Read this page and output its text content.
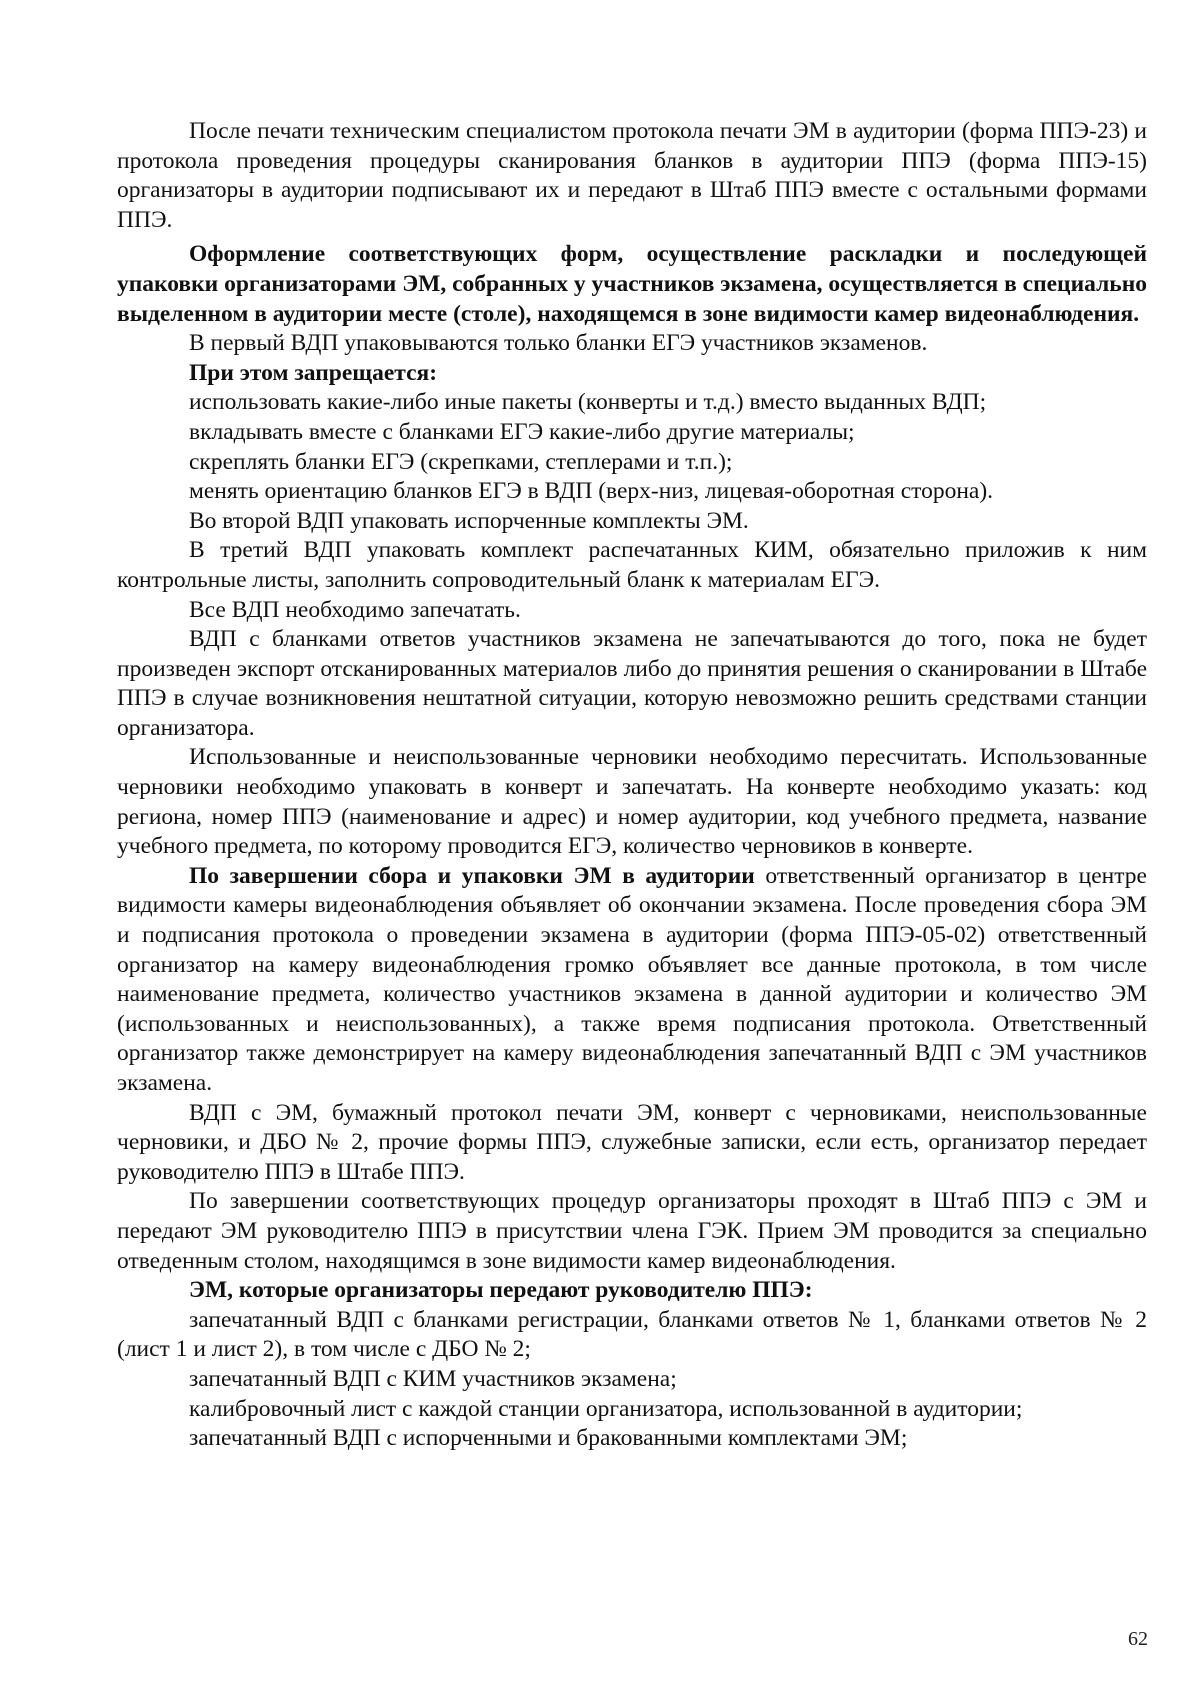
После печати техническим специалистом протокола печати ЭМ в аудитории (форма ППЭ-23) и протокола проведения процедуры сканирования бланков в аудитории ППЭ (форма ППЭ-15) организаторы в аудитории подписывают их и передают в Штаб ППЭ вместе с остальными формами ППЭ.

Оформление соответствующих форм, осуществление раскладки и последующей упаковки организаторами ЭМ, собранных у участников экзамена, осуществляется в специально выделенном в аудитории месте (столе), находящемся в зоне видимости камер видеонаблюдения.

В первый ВДП упаковываются только бланки ЕГЭ участников экзаменов.

При этом запрещается:

использовать какие-либо иные пакеты (конверты и т.д.) вместо выданных ВДП;

вкладывать вместе с бланками ЕГЭ какие-либо другие материалы;

скреплять бланки ЕГЭ (скрепками, степлерами и т.п.);

менять ориентацию бланков ЕГЭ в ВДП (верх-низ, лицевая-оборотная сторона).

Во второй ВДП упаковать испорченные комплекты ЭМ.

В третий ВДП упаковать комплект распечатанных КИМ, обязательно приложив к ним контрольные листы, заполнить сопроводительный бланк к материалам ЕГЭ.

Все ВДП необходимо запечатать.

ВДП с бланками ответов участников экзамена не запечатываются до того, пока не будет произведен экспорт отсканированных материалов либо до принятия решения о сканировании в Штабе ППЭ в случае возникновения нештатной ситуации, которую невозможно решить средствами станции организатора.

Использованные и неиспользованные черновики необходимо пересчитать. Использованные черновики необходимо упаковать в конверт и запечатать. На конверте необходимо указать: код региона, номер ППЭ (наименование и адрес) и номер аудитории, код учебного предмета, название учебного предмета, по которому проводится ЕГЭ, количество черновиков в конверте.

По завершении сбора и упаковки ЭМ в аудитории ответственный организатор в центре видимости камеры видеонаблюдения объявляет об окончании экзамена. После проведения сбора ЭМ и подписания протокола о проведении экзамена в аудитории (форма ППЭ-05-02) ответственный организатор на камеру видеонаблюдения громко объявляет все данные протокола, в том числе наименование предмета, количество участников экзамена в данной аудитории и количество ЭМ (использованных и неиспользованных), а также время подписания протокола. Ответственный организатор также демонстрирует на камеру видеонаблюдения запечатанный ВДП с ЭМ участников экзамена.

ВДП с ЭМ, бумажный протокол печати ЭМ, конверт с черновиками, неиспользованные черновики, и ДБО № 2, прочие формы ППЭ, служебные записки, если есть, организатор передает руководителю ППЭ в Штабе ППЭ.

По завершении соответствующих процедур организаторы проходят в Штаб ППЭ с ЭМ и передают ЭМ руководителю ППЭ в присутствии члена ГЭК. Прием ЭМ проводится за специально отведенным столом, находящимся в зоне видимости камер видеонаблюдения.

ЭМ, которые организаторы передают руководителю ППЭ:

запечатанный ВДП с бланками регистрации, бланками ответов № 1, бланками ответов № 2 (лист 1 и лист 2), в том числе с ДБО № 2;

запечатанный ВДП с КИМ участников экзамена;

калибровочный лист с каждой станции организатора, использованной в аудитории;

запечатанный ВДП с испорченными и бракованными комплектами ЭМ;

62
